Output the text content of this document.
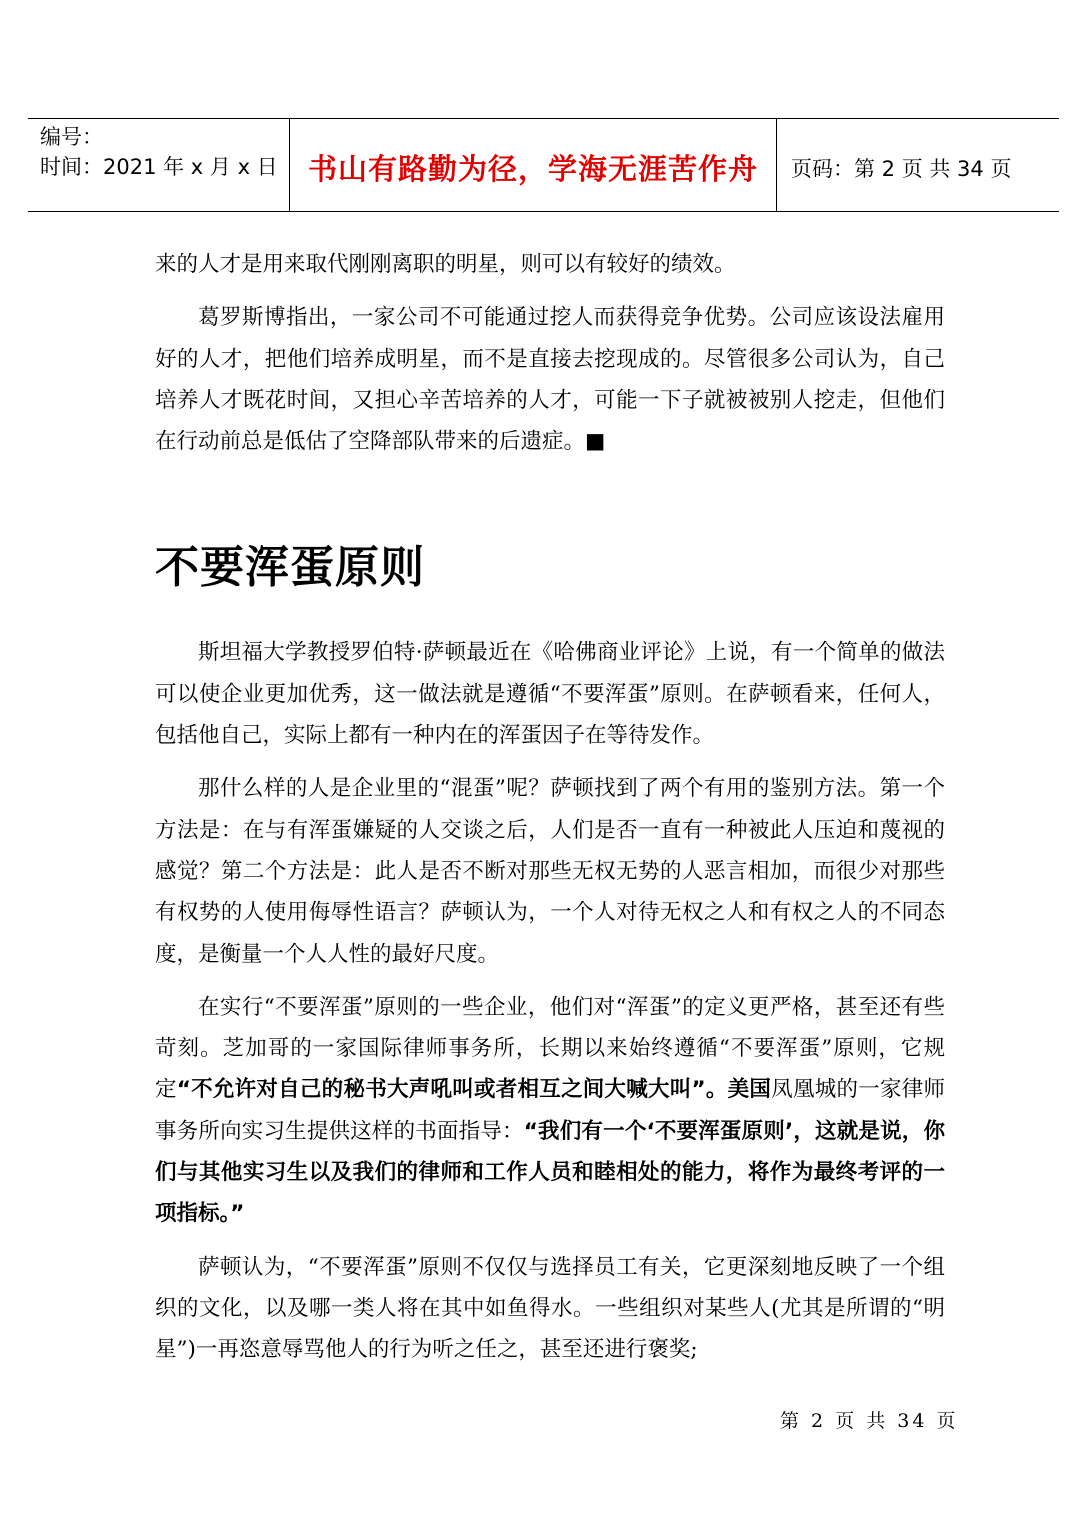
编号：
时间：2021 年 x 月 x 日	书山有路勤为径，学海无涯苦作舟	页码：第 2 页 共 34 页

来的人才是用来取代刚刚离职的明星，则可以有较好的绩效。

葛罗斯博指出，一家公司不可能通过挖人而获得竞争优势。公司应该设法雇用好的人才，把他们培养成明星，而不是直接去挖现成的。尽管很多公司认为，自己培养人才既花时间，又担心辛苦培养的人才，可能一下子就被被别人挖走，但他们在行动前总是低估了空降部队带来的后遗症。■

不要浑蛋原则

斯坦福大学教授罗伯特·萨顿最近在《哈佛商业评论》上说，有一个简单的做法可以使企业更加优秀，这一做法就是遵循“不要浑蛋”原则。在萨顿看来，任何人，包括他自己，实际上都有一种内在的浑蛋因子在等待发作。

那什么样的人是企业里的“混蛋”呢？萨顿找到了两个有用的鉴别方法。第一个方法是：在与有浑蛋嫌疑的人交谈之后，人们是否一直有一种被此人压迫和蔑视的感觉？第二个方法是：此人是否不断对那些无权无势的人恶言相加，而很少对那些有权势的人使用侮辱性语言？萨顿认为，一个人对待无权之人和有权之人的不同态度，是衡量一个人人性的最好尺度。

在实行“不要浑蛋”原则的一些企业，他们对“浑蛋”的定义更严格，甚至还有些苛刻。芝加哥的一家国际律师事务所，长期以来始终遵循“不要浑蛋”原则，它规定“不允许对自己的秘书大声吼叫或者相互之间大喊大叫”。美国凤凰城的一家律师事务所向实习生提供这样的书面指导：“我们有一个‘不要浑蛋原则’，这就是说，你们与其他实习生以及我们的律师和工作人员和睦相处的能力，将作为最终考评的一项指标。”

萨顿认为，“不要浑蛋”原则不仅仅与选择员工有关，它更深刻地反映了一个组织的文化，以及哪一类人将在其中如鱼得水。一些组织对某些人(尤其是所谓的“明星”)一再恣意辱骂他人的行为听之任之，甚至还进行褒奖;

第 2 页 共 34 页
